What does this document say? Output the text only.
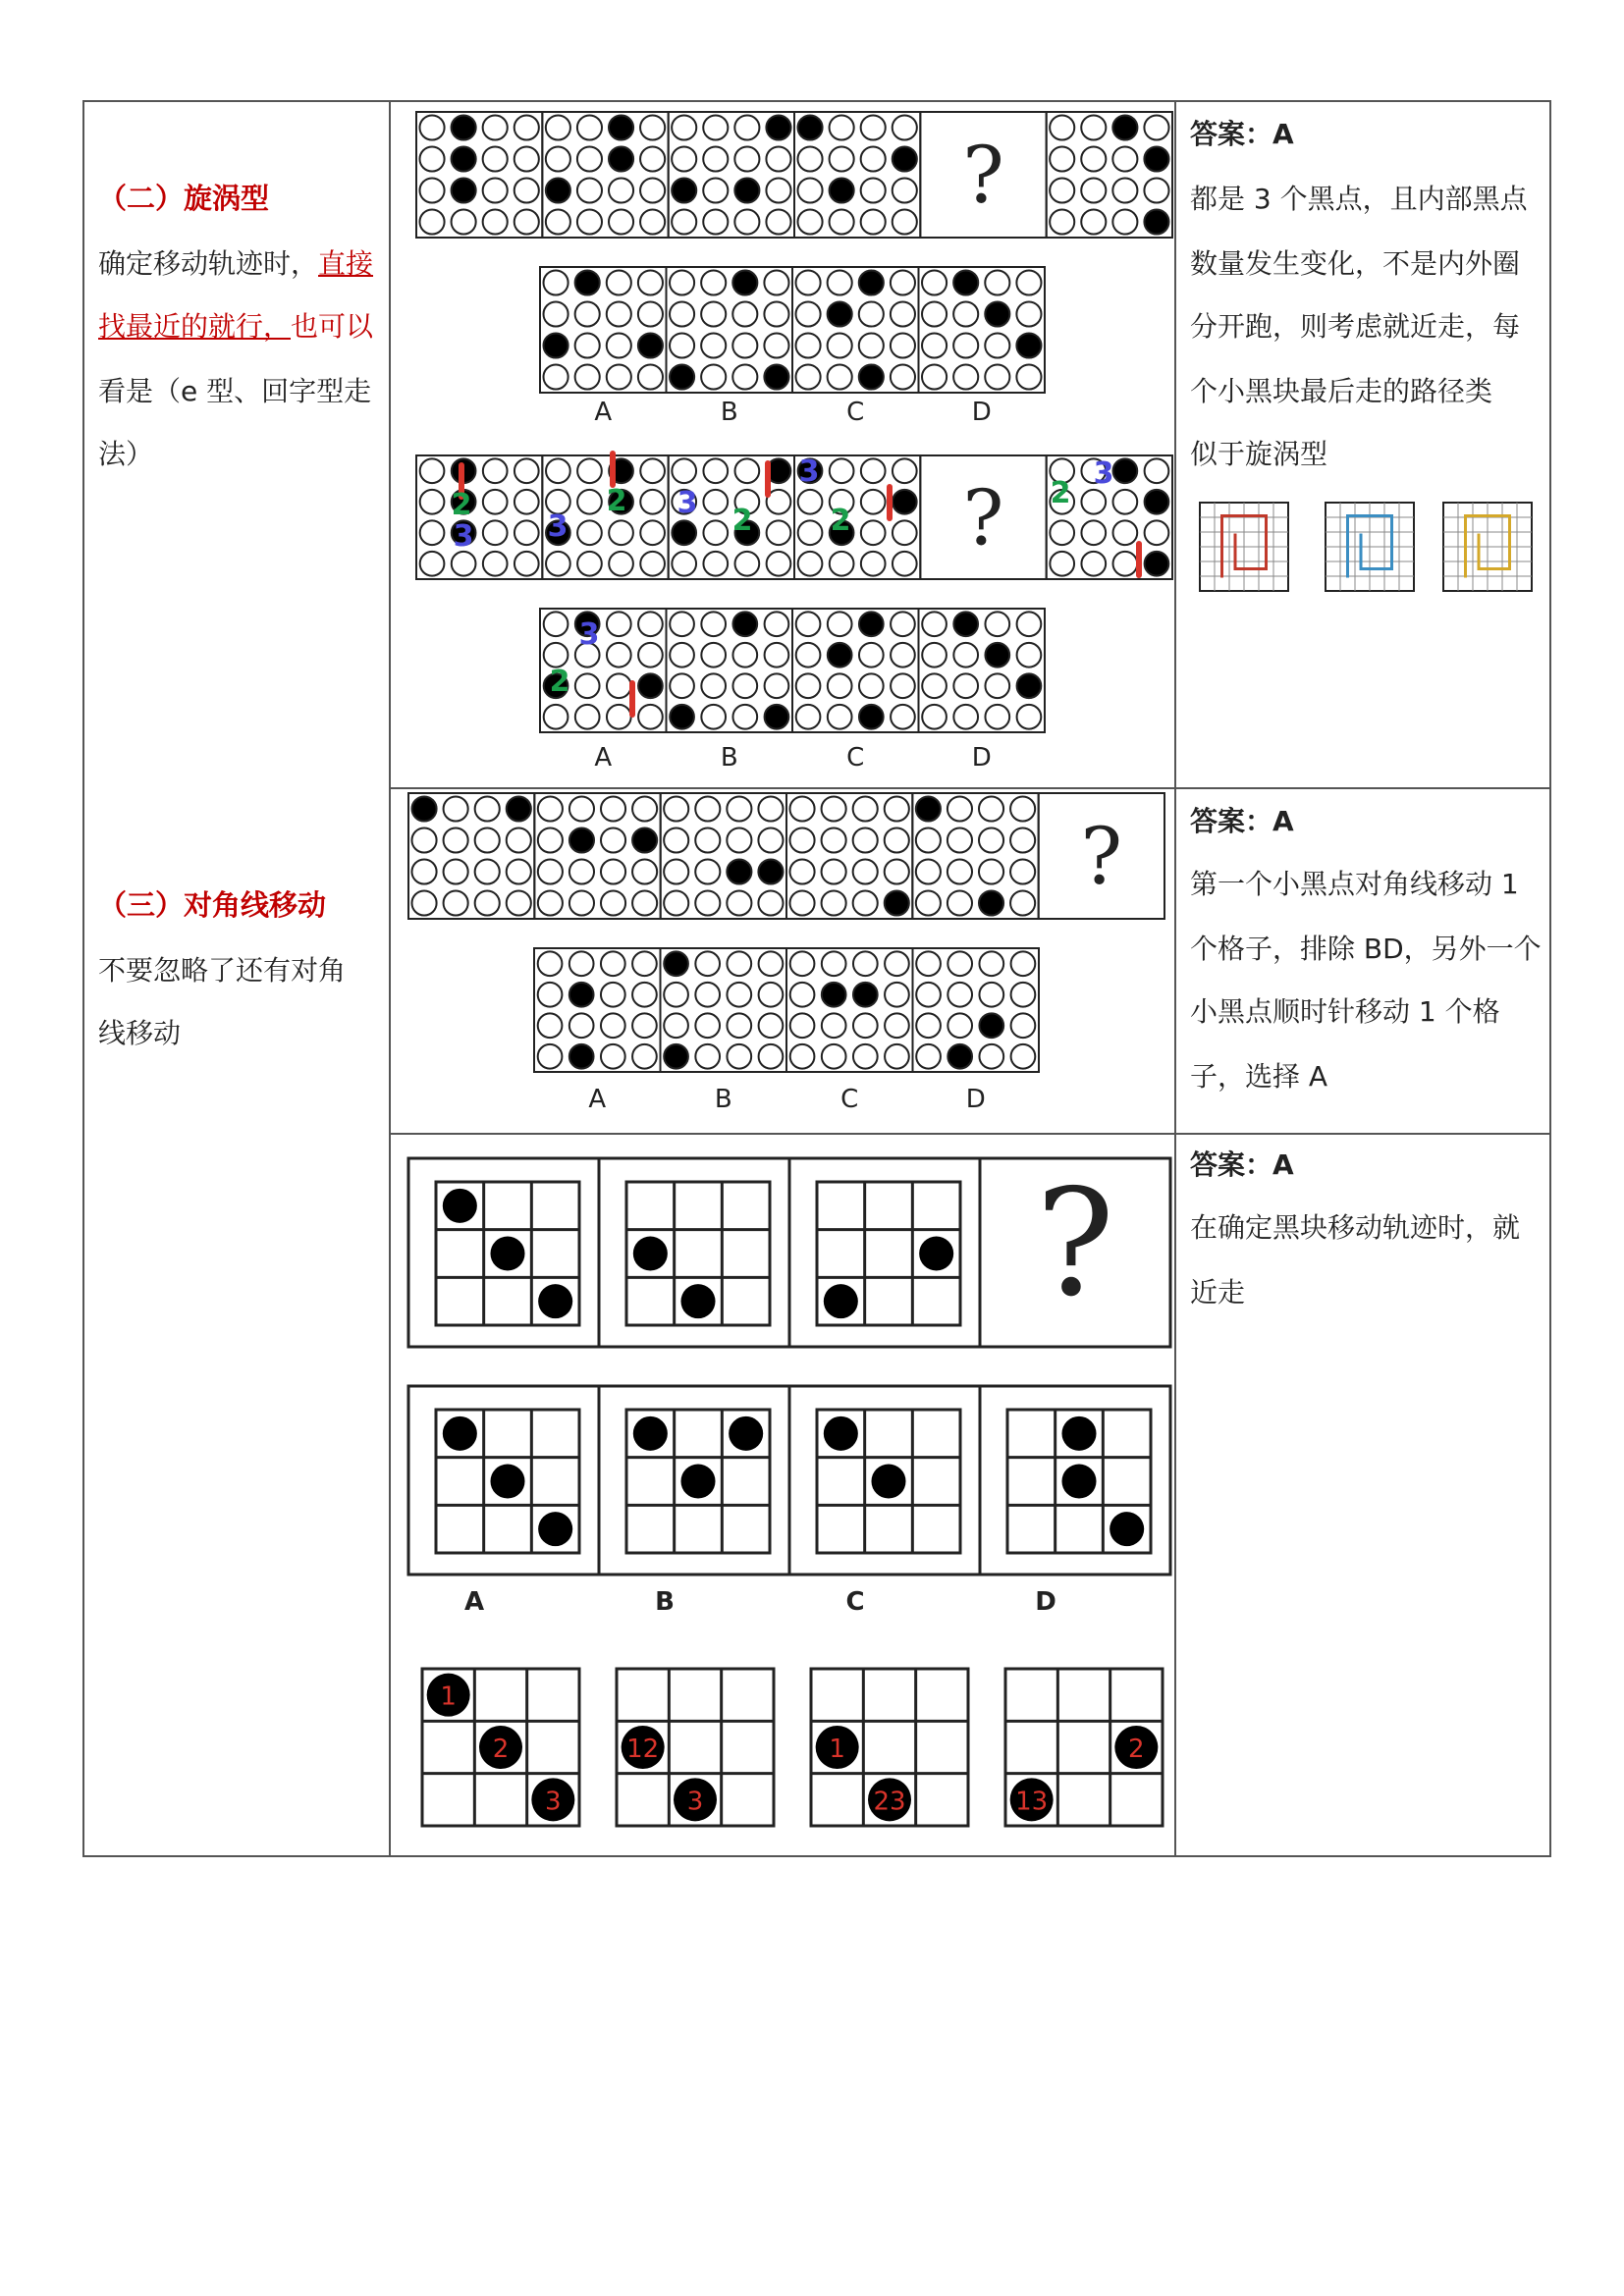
（二）旋涡型
确定移动轨迹时，直接
找最近的就行，也可以
看是（e 型、回字型走
法）
（三）对角线移动
不要忽略了还有对角
线移动
答案：A
都是 3 个黑点，且内部黑点
数量发生变化，不是内外圈
分开跑，则考虑就近走，每
个小黑块最后走的路径类
似于旋涡型
答案：A
第一个小黑点对角线移动 1
个格子，排除 BD，另外一个
小黑点顺时针移动 1 个格
子，选择 A
答案：A
在确定黑块移动轨迹时，就
近走
?
A	B	C	D
?
A	B	C	D
2	2
2	2
2
2
3	3
3
3	3
3
?
A	B	C	D
?
A	B	C	D
1
2
3
12
3
1
23
2
13
